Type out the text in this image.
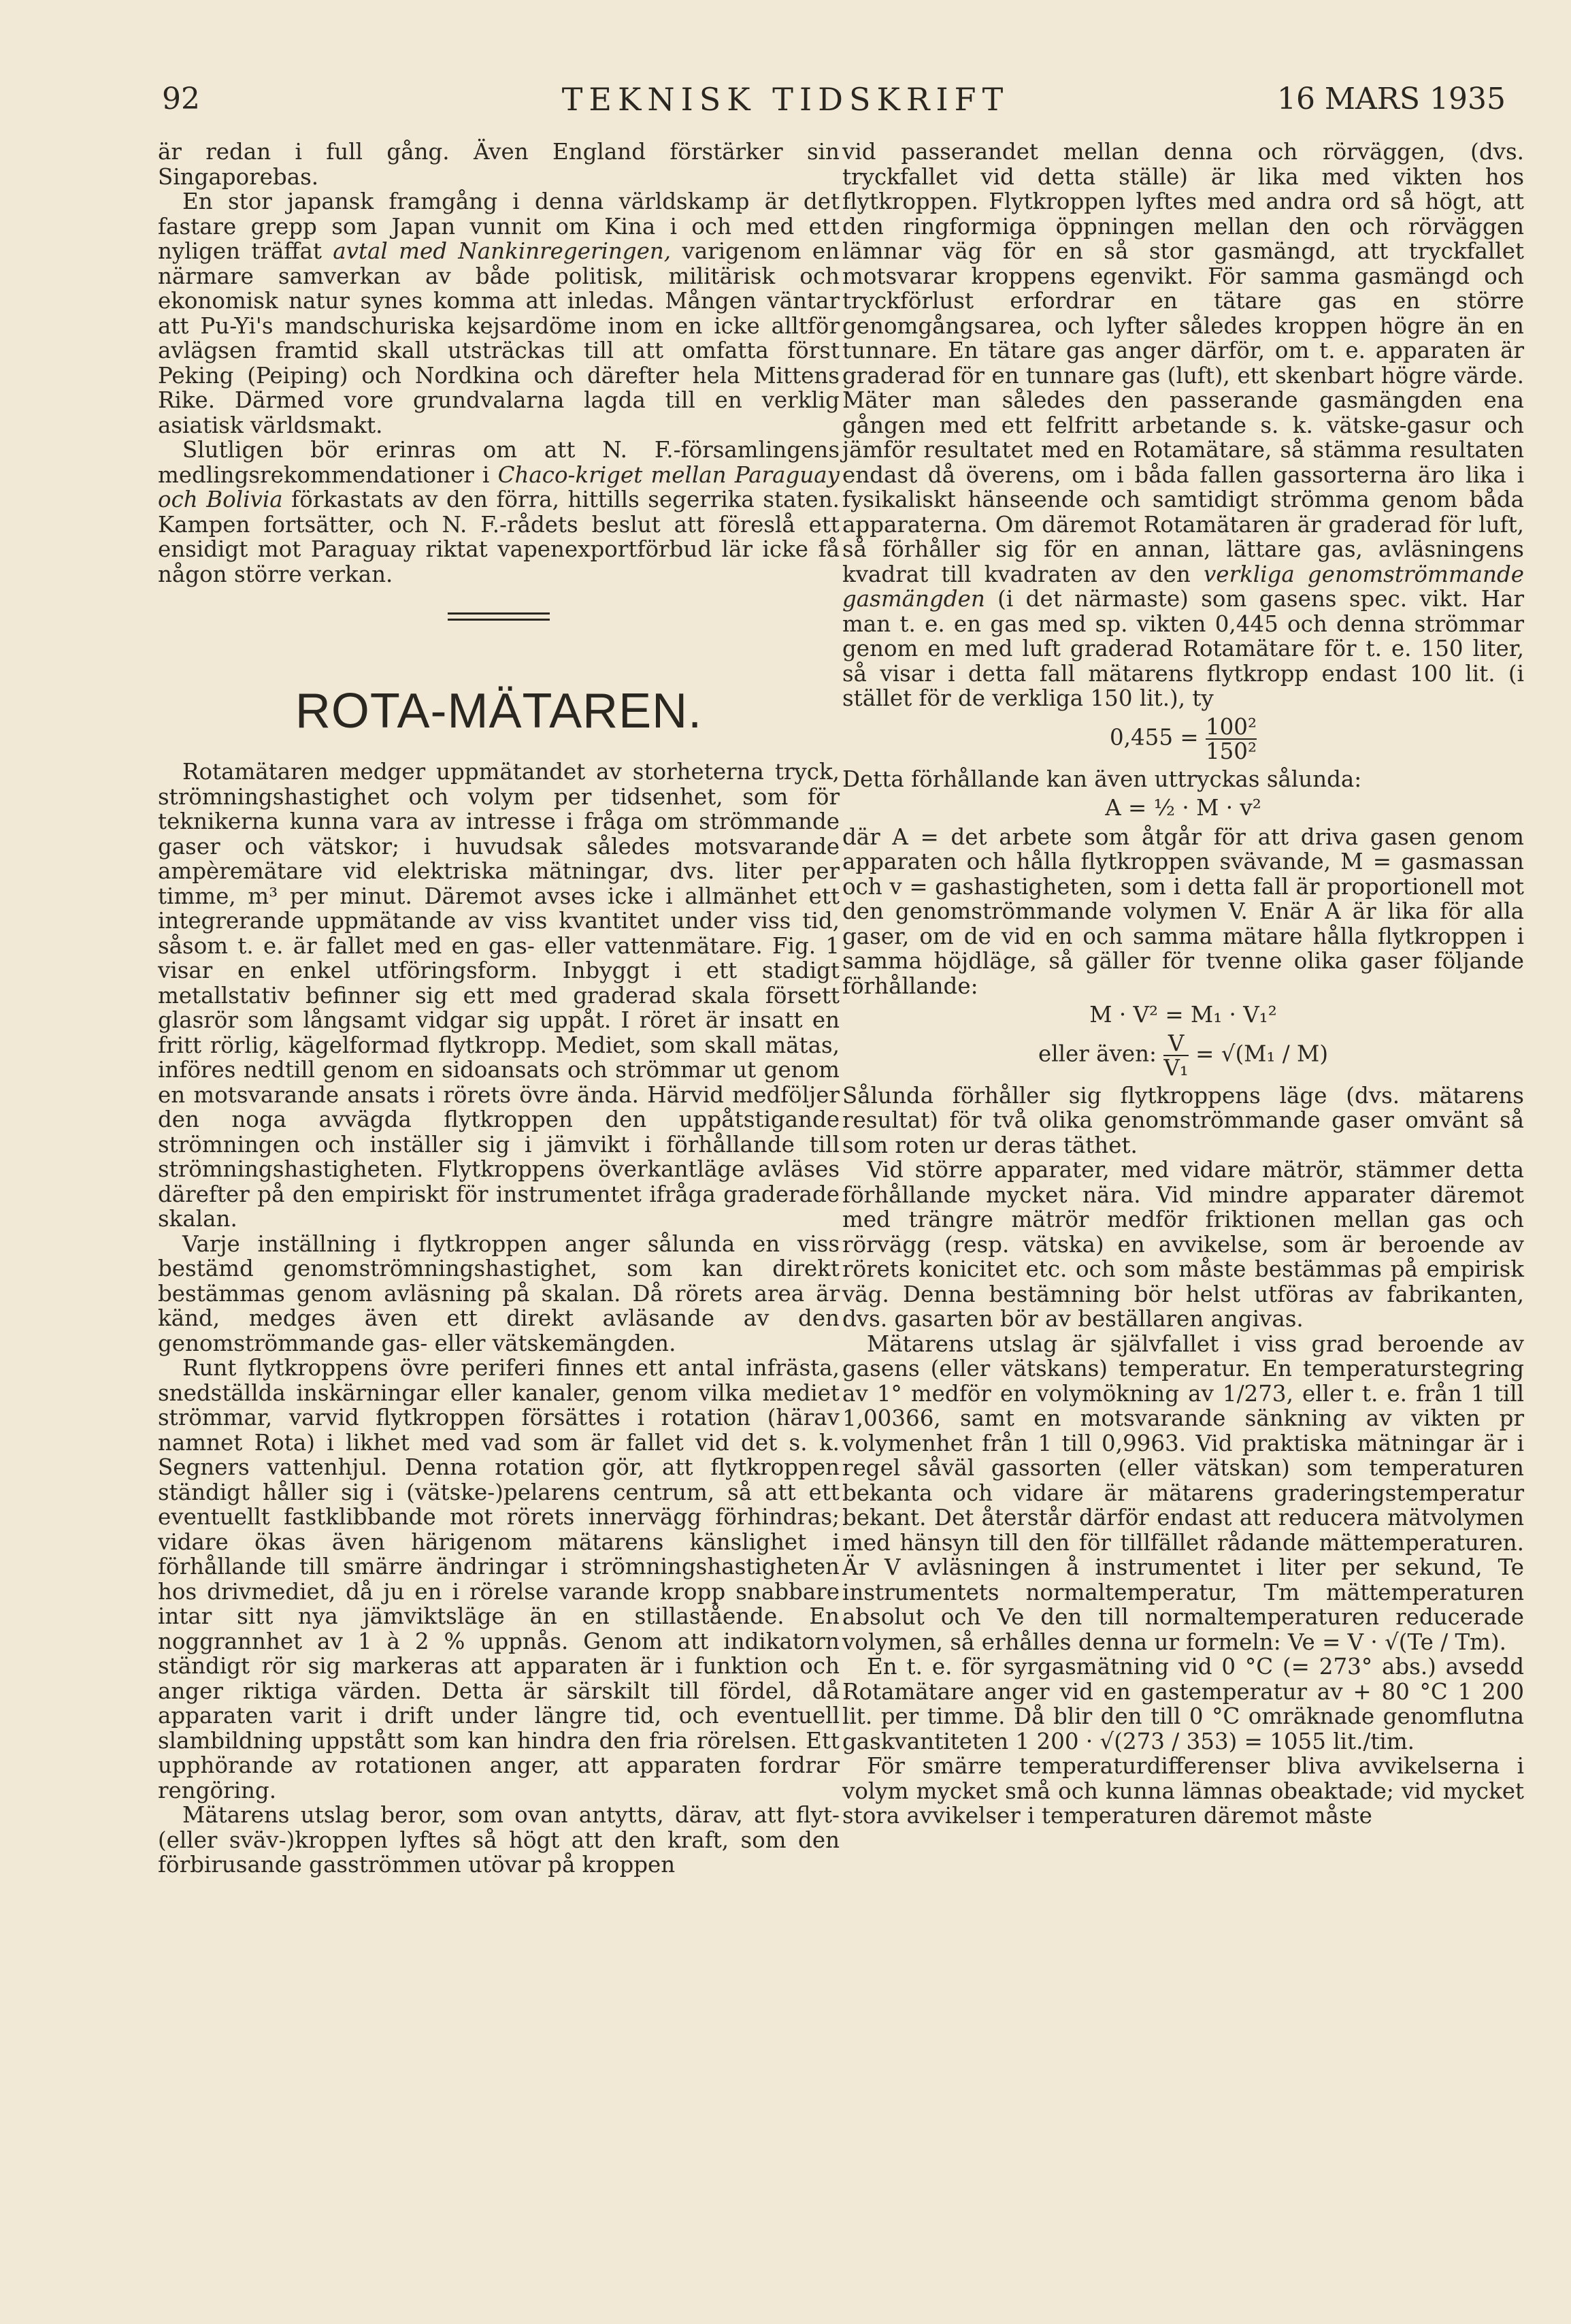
92	TEKNISK TIDSKRIFT	16 MARS 1935

är redan i full gång. Även England förstärker sin Singaporebas.

En stor japansk framgång i denna världskamp är det fastare grepp som Japan vunnit om Kina i och med ett nyligen träffat avtal med Nankinregeringen, varigenom en närmare samverkan av både politisk, militärisk och ekonomisk natur synes komma att inledas. Mången väntar att Pu-Yi's mandschuriska kejsardöme inom en icke alltför avlägsen framtid skall utsträckas till att omfatta först Peking (Peiping) och Nordkina och därefter hela Mittens Rike. Därmed vore grundvalarna lagda till en verklig asiatisk världsmakt.

Slutligen bör erinras om att N. F.-församlingens medlingsrekommendationer i Chaco-kriget mellan Paraguay och Bolivia förkastats av den förra, hittills segerrika staten. Kampen fortsätter, och N. F.-rådets beslut att föreslå ett ensidigt mot Paraguay riktat vapenexportförbud lär icke få någon större verkan.

ROTA-MÄTAREN.

Rotamätaren medger uppmätandet av storheterna tryck, strömningshastighet och volym per tidsenhet, som för teknikerna kunna vara av intresse i fråga om strömmande gaser och vätskor; i huvudsak således motsvarande ampèremätare vid elektriska mätningar, dvs. liter per timme, m³ per minut. Däremot avses icke i allmänhet ett integrerande uppmätande av viss kvantitet under viss tid, såsom t. e. är fallet med en gas- eller vattenmätare. Fig. 1 visar en enkel utföringsform. Inbyggt i ett stadigt metallstativ befinner sig ett med graderad skala försett glasrör som långsamt vidgar sig uppåt. I röret är insatt en fritt rörlig, kägelformad flytkropp. Mediet, som skall mätas, införes nedtill genom en sidoansats och strömmar ut genom en motsvarande ansats i rörets övre ända. Härvid medföljer den noga avvägda flytkroppen den uppåtstigande strömningen och inställer sig i jämvikt i förhållande till strömningshastigheten. Flytkroppens överkantläge avläses därefter på den empiriskt för instrumentet ifråga graderade skalan.

Varje inställning i flytkroppen anger sålunda en viss bestämd genomströmningshastighet, som kan direkt bestämmas genom avläsning på skalan. Då rörets area är känd, medges även ett direkt avläsande av den genomströmmande gas- eller vätskemängden.

Runt flytkroppens övre periferi finnes ett antal infrästa, snedställda inskärningar eller kanaler, genom vilka mediet strömmar, varvid flytkroppen försättes i rotation (härav namnet Rota) i likhet med vad som är fallet vid det s. k. Segners vattenhjul. Denna rotation gör, att flytkroppen ständigt håller sig i (vätske-)pelarens centrum, så att ett eventuellt fastklibbande mot rörets innervägg förhindras; vidare ökas även härigenom mätarens känslighet i förhållande till smärre ändringar i strömningshastigheten hos drivmediet, då ju en i rörelse varande kropp snabbare intar sitt nya jämviktsläge än en stillastående. En noggrannhet av 1 à 2 % uppnås. Genom att indikatorn ständigt rör sig markeras att apparaten är i funktion och anger riktiga värden. Detta är särskilt till fördel, då apparaten varit i drift under längre tid, och eventuell slambildning uppstått som kan hindra den fria rörelsen. Ett upphörande av rotationen anger, att apparaten fordrar rengöring.

Mätarens utslag beror, som ovan antytts, därav, att flyt- (eller sväv-)kroppen lyftes så högt att den kraft, som den förbirusande gasströmmen utövar på kroppen

vid passerandet mellan denna och rörväggen, (dvs. tryckfallet vid detta ställe) är lika med vikten hos flytkroppen. Flytkroppen lyftes med andra ord så högt, att den ringformiga öppningen mellan den och rörväggen lämnar väg för en så stor gasmängd, att tryckfallet motsvarar kroppens egenvikt. För samma gasmängd och tryckförlust erfordrar en tätare gas en större genomgångsarea, och lyfter således kroppen högre än en tunnare. En tätare gas anger därför, om t. e. apparaten är graderad för en tunnare gas (luft), ett skenbart högre värde. Mäter man således den passerande gasmängden ena gången med ett felfritt arbetande s. k. vätske-gasur och jämför resultatet med en Rotamätare, så stämma resultaten endast då överens, om i båda fallen gassorterna äro lika i fysikaliskt hänseende och samtidigt strömma genom båda apparaterna. Om däremot Rotamätaren är graderad för luft, så förhåller sig för en annan, lättare gas, avläsningens kvadrat till kvadraten av den verkliga genomströmmande gasmängden (i det närmaste) som gasens spec. vikt. Har man t. e. en gas med sp. vikten 0,445 och denna strömmar genom en med luft graderad Rotamätare för t. e. 150 liter, så visar i detta fall mätarens flytkropp endast 100 lit. (i stället för de verkliga 150 lit.), ty

$0,455 = \frac{\text{100²}}{\text{150²}}$

Detta förhållande kan även uttryckas sålunda:

A = ½ · M · v²

där A = det arbete som åtgår för att driva gasen genom apparaten och hålla flytkroppen svävande, M = gasmassan och v = gashastigheten, som i detta fall är proportionell mot den genomströmmande volymen V. Enär A är lika för alla gaser, om de vid en och samma mätare hålla flytkroppen i samma höjdläge, så gäller för tvenne olika gaser följande förhållande:

M · V² = M₁ · V₁²
eller även: $\frac{V}{\text{V₁}} = √(M_1 / M)$

Sålunda förhåller sig flytkroppens läge (dvs. mätarens resultat) för två olika genomströmmande gaser omvänt så som roten ur deras täthet.

Vid större apparater, med vidare mätrör, stämmer detta förhållande mycket nära. Vid mindre apparater däremot med trängre mätrör medför friktionen mellan gas och rörvägg (resp. vätska) en avvikelse, som är beroende av rörets konicitet etc. och som måste bestämmas på empirisk väg. Denna bestämning bör helst utföras av fabrikanten, dvs. gasarten bör av beställaren angivas.

Mätarens utslag är självfallet i viss grad beroende av gasens (eller vätskans) temperatur. En temperaturstegring av 1° medför en volymökning av 1/273, eller t. e. från 1 till 1,00366, samt en motsvarande sänkning av vikten pr volymenhet från 1 till 0,9963. Vid praktiska mätningar är i regel såväl gassorten (eller vätskan) som temperaturen bekanta och vidare är mätarens graderingstemperatur bekant. Det återstår därför endast att reducera mätvolymen med hänsyn till den för tillfället rådande mättemperaturen. Är V avläsningen å instrumentet i liter per sekund, Te instrumentets normaltemperatur, Tm mättemperaturen absolut och Ve den till normaltemperaturen reducerade volymen, så erhålles denna ur formeln: Ve = V · √(Te / Tm).

En t. e. för syrgasmätning vid 0 °C (= 273° abs.) avsedd Rotamätare anger vid en gastemperatur av + 80 °C 1 200 lit. per timme. Då blir den till 0 °C omräknade genomflutna gaskvantiteten 1 200 · √(273 / 353) = 1055 lit./tim.

För smärre temperaturdifferenser bliva avvikelserna i volym mycket små och kunna lämnas obeaktade; vid mycket stora avvikelser i temperaturen däremot måste
